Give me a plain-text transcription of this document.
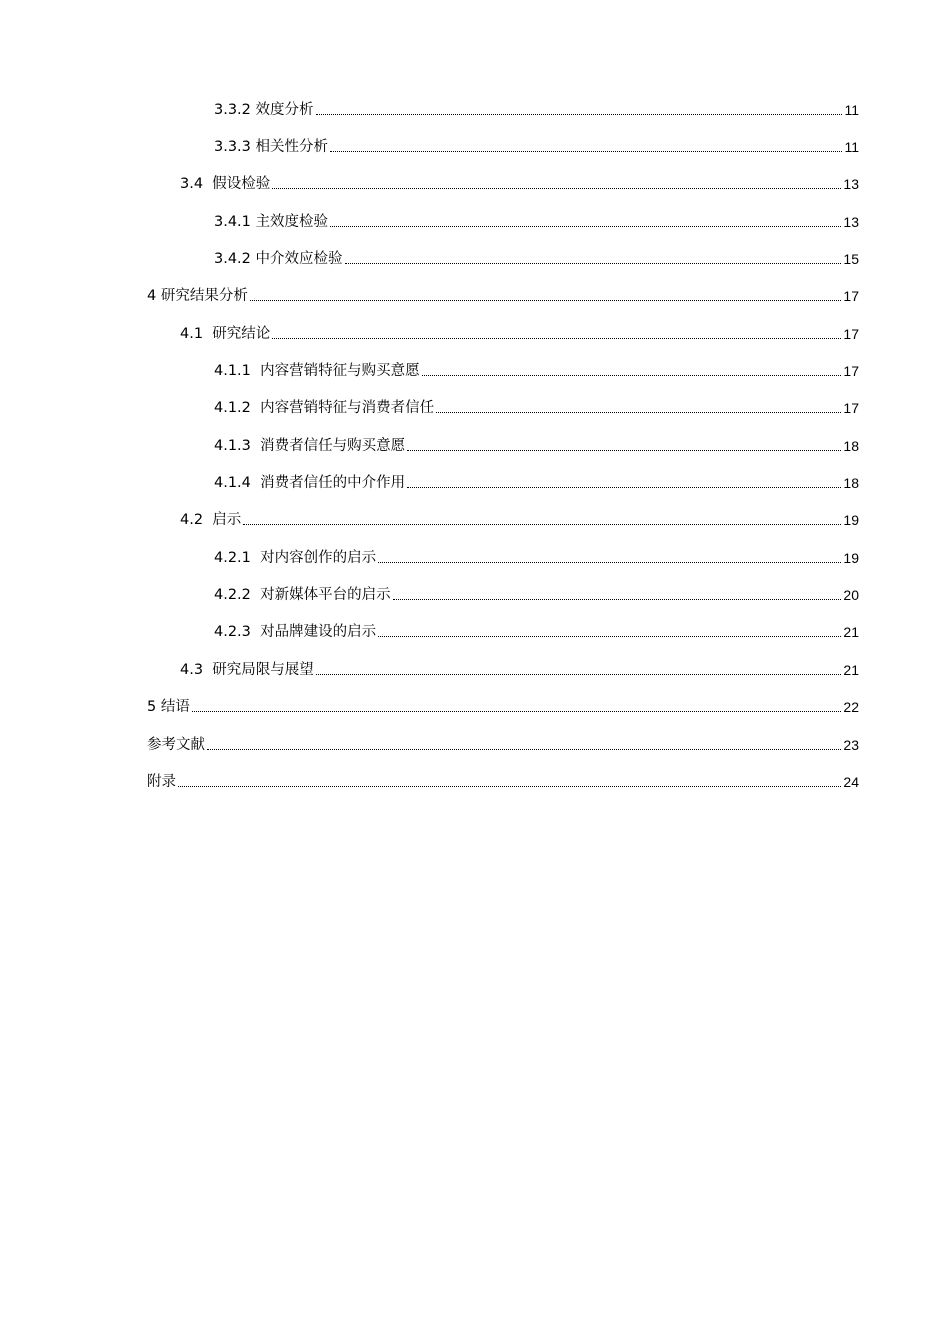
3.3.2 效度分析	11
3.3.3 相关性分析	11
3.4  假设检验	13
3.4.1 主效度检验	13
3.4.2 中介效应检验	15
4 研究结果分析	17
4.1  研究结论	17
4.1.1  内容营销特征与购买意愿	17
4.1.2  内容营销特征与消费者信任	17
4.1.3  消费者信任与购买意愿	18
4.1.4  消费者信任的中介作用	18
4.2  启示	19
4.2.1  对内容创作的启示	19
4.2.2  对新媒体平台的启示	20
4.2.3  对品牌建设的启示	21
4.3  研究局限与展望	21
5 结语	22
参考文献	23
附录	24
